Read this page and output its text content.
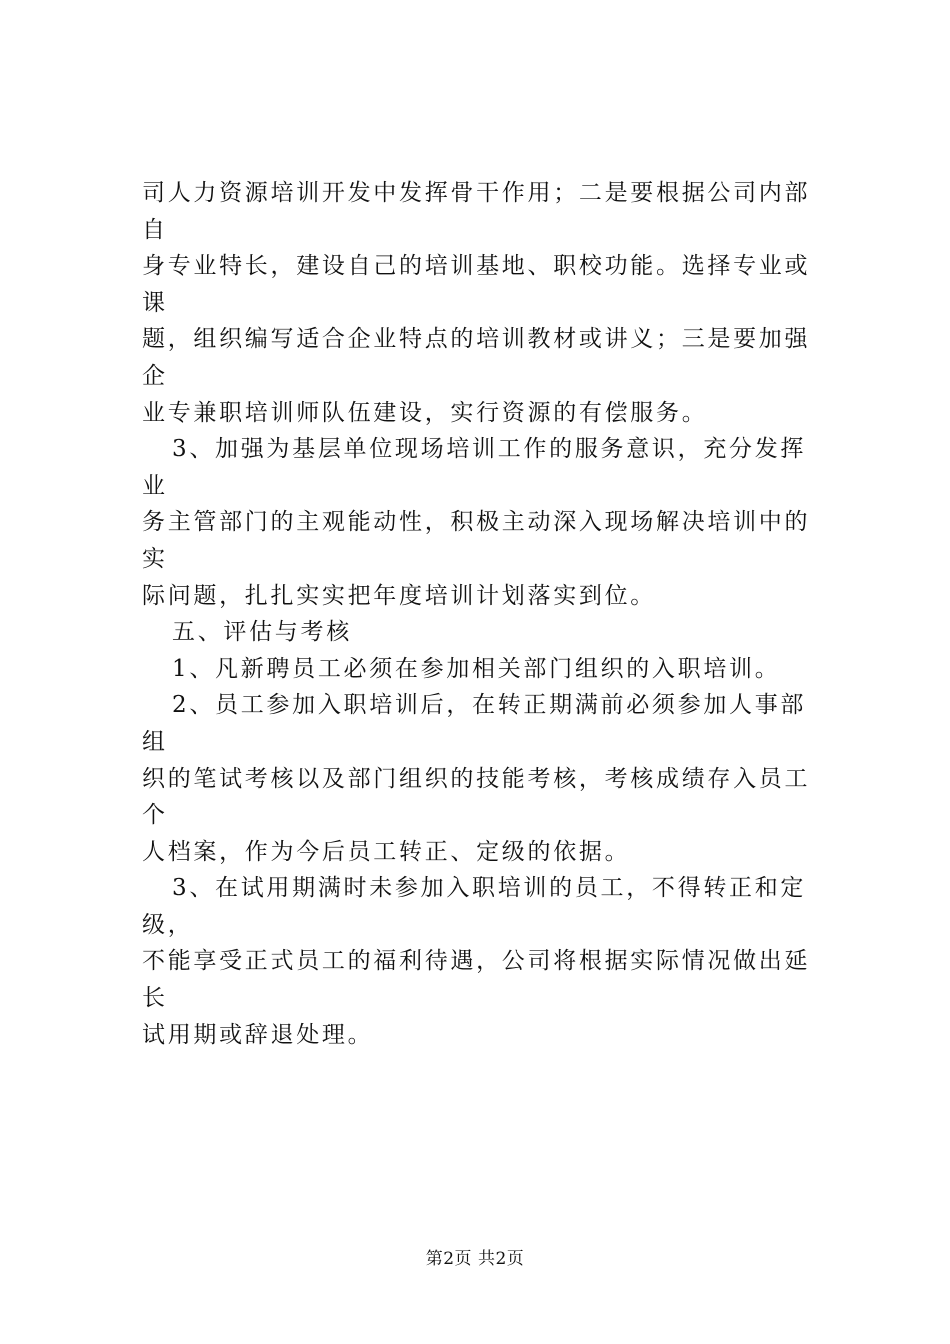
司人力资源培训开发中发挥骨干作用；二是要根据公司内部自

身专业特长，建设自己的培训基地、职校功能。选择专业或课

题，组织编写适合企业特点的培训教材或讲义；三是要加强企

业专兼职培训师队伍建设，实行资源的有偿服务。

3、加强为基层单位现场培训工作的服务意识，充分发挥业

务主管部门的主观能动性，积极主动深入现场解决培训中的实

际问题，扎扎实实把年度培训计划落实到位。

五、评估与考核

1、凡新聘员工必须在参加相关部门组织的入职培训。

2、员工参加入职培训后，在转正期满前必须参加人事部组

织的笔试考核以及部门组织的技能考核，考核成绩存入员工个

人档案，作为今后员工转正、定级的依据。

3、在试用期满时未参加入职培训的员工，不得转正和定级，

不能享受正式员工的福利待遇，公司将根据实际情况做出延长

试用期或辞退处理。

第2页 共2页
